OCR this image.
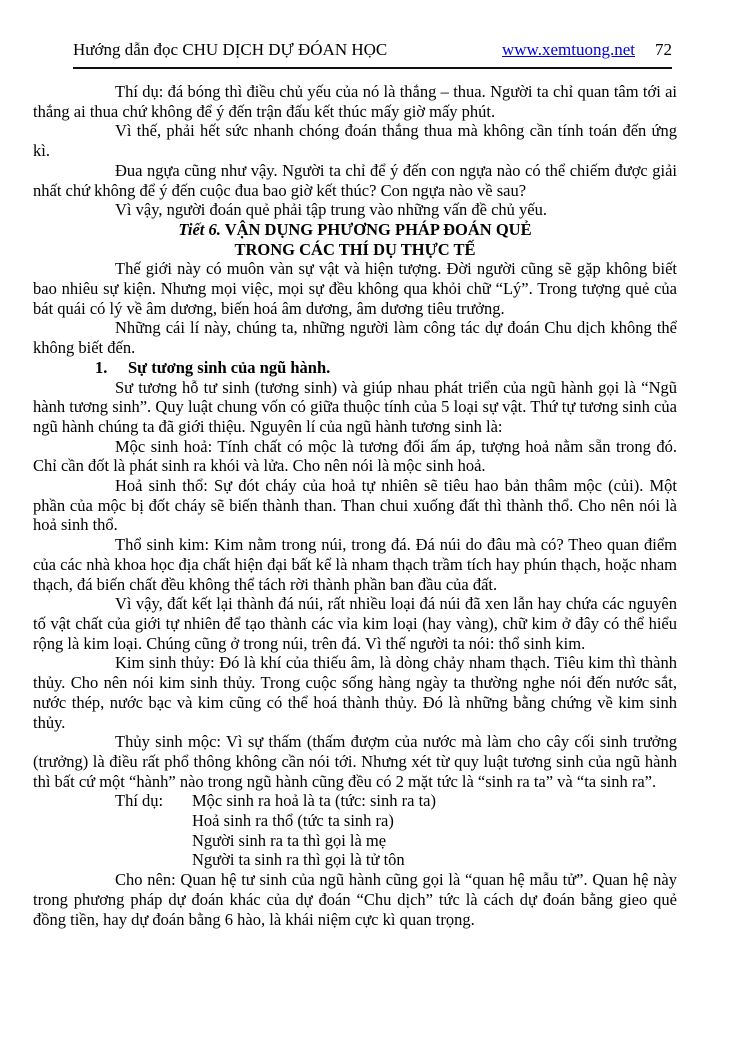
Hướng dẫn đọc CHU DỊCH DỰ ĐÓAN HỌC	www.xemtuong.net 72

Thí dụ: đá bóng thì điều chủ yếu của nó là thắng – thua. Người ta chỉ quan tâm tới ai thắng ai thua chứ không để ý đến trận đấu kết thúc mấy giờ mấy phút.

Vì thế, phải hết sức nhanh chóng đoán thắng thua mà không cần tính toán đến ứng kì.

Đua ngựa cũng như vậy. Người ta chỉ để ý đến con ngựa nào có thể chiếm được giải nhất chứ không để ý đến cuộc đua bao giờ kết thúc? Con ngựa nào về sau?

Vì vậy, người đoán quẻ phải tập trung vào những vấn đề chủ yếu.

Tiết 6. VẬN DỤNG PHƯƠNG PHÁP ĐOÁN QUẺ

TRONG CÁC THÍ DỤ THỰC TẾ

Thế giới này có muôn vàn sự vật và hiện tượng. Đời người cũng sẽ gặp không biết bao nhiêu sự kiện. Nhưng mọi việc, mọi sự đều không qua khỏi chữ “Lý”. Trong tượng quẻ của bát quái có lý về âm dương, biến hoá âm dương, âm dương tiêu trưởng.

Những cái lí này, chúng ta, những người làm công tác dự đoán Chu dịch không thể không biết đến.

1. Sự tương sinh của ngũ hành.

Sư tương hỗ tư sinh (tương sinh) và giúp nhau phát triển của ngũ hành gọi là “Ngũ hành tương sinh”. Quy luật chung vốn có giữa thuộc tính của 5 loại sự vật. Thứ tự tương sinh của ngũ hành chúng ta đã giới thiệu. Nguyên lí của ngũ hành tương sinh là:

Mộc sinh hoả: Tính chất có mộc là tương đối ấm áp, tượng hoả nằm sẵn trong đó. Chỉ cần đốt là phát sinh ra khói và lửa. Cho nên nói là mộc sinh hoả.

Hoả sinh thổ: Sự đót cháy của hoả tự nhiên sẽ tiêu hao bản thâm mộc (củi). Một phần của mộc bị đốt cháy sẽ biến thành than. Than chui xuống đất thì thành thổ. Cho nên nói là hoả sinh thổ.

Thổ sinh kim: Kim nằm trong núi, trong đá. Đá núi do đâu mà có? Theo quan điểm của các nhà khoa học địa chất hiện đại bất kể là nham thạch trầm tích hay phún thạch, hoặc nham thạch, đá biến chất đều không thể tách rời thành phần ban đầu của đất.

Vì vậy, đất kết lại thành đá núi, rất nhiều loại đá núi đã xen lẫn hay chứa các nguyên tố vật chất của giới tự nhiên để tạo thành các vỉa kim loại (hay vàng), chữ kim ở đây có thể hiểu rộng là kim loại. Chúng cũng ở trong núi, trên đá. Vì thế người ta nói: thổ sinh kim.

Kim sinh thủy: Đó là khí của thiếu âm, là dòng chảy nham thạch. Tiêu kim thì thành thủy. Cho nên nói kim sinh thủy. Trong cuộc sống hàng ngày ta thường nghe nói đến nước sắt, nước thép, nước bạc và kim cũng có thể hoá thành thủy. Đó là những bằng chứng về kim sinh thủy.

Thủy sinh mộc: Vì sự thấm (thấm đượm của nước mà làm cho cây cối sinh trưởng (trưởng) là điều rất phổ thông không cần nói tới. Nhưng xét từ quy luật tương sinh của ngũ hành thì bất cứ một “hành” nào trong ngũ hành cũng đều có 2 mặt tức là “sinh ra ta” và “ta sinh ra”.

Thí dụ:	Mộc sinh ra hoả là ta (tức: sinh ra ta)
Hoả sinh ra thổ (tức ta sinh ra)
Người sinh ra ta thì gọi là mẹ
Người ta sinh ra thì gọi là tử tôn

Cho nên: Quan hệ tư sinh của ngũ hành cũng gọi là “quan hệ mẫu tử”. Quan hệ này trong phương pháp dự đoán khác của dự đoán “Chu dịch” tức là cách dự đoán bằng gieo quẻ đồng tiền, hay dự đoán bằng 6 hào, là khái niệm cực kì quan trọng.
